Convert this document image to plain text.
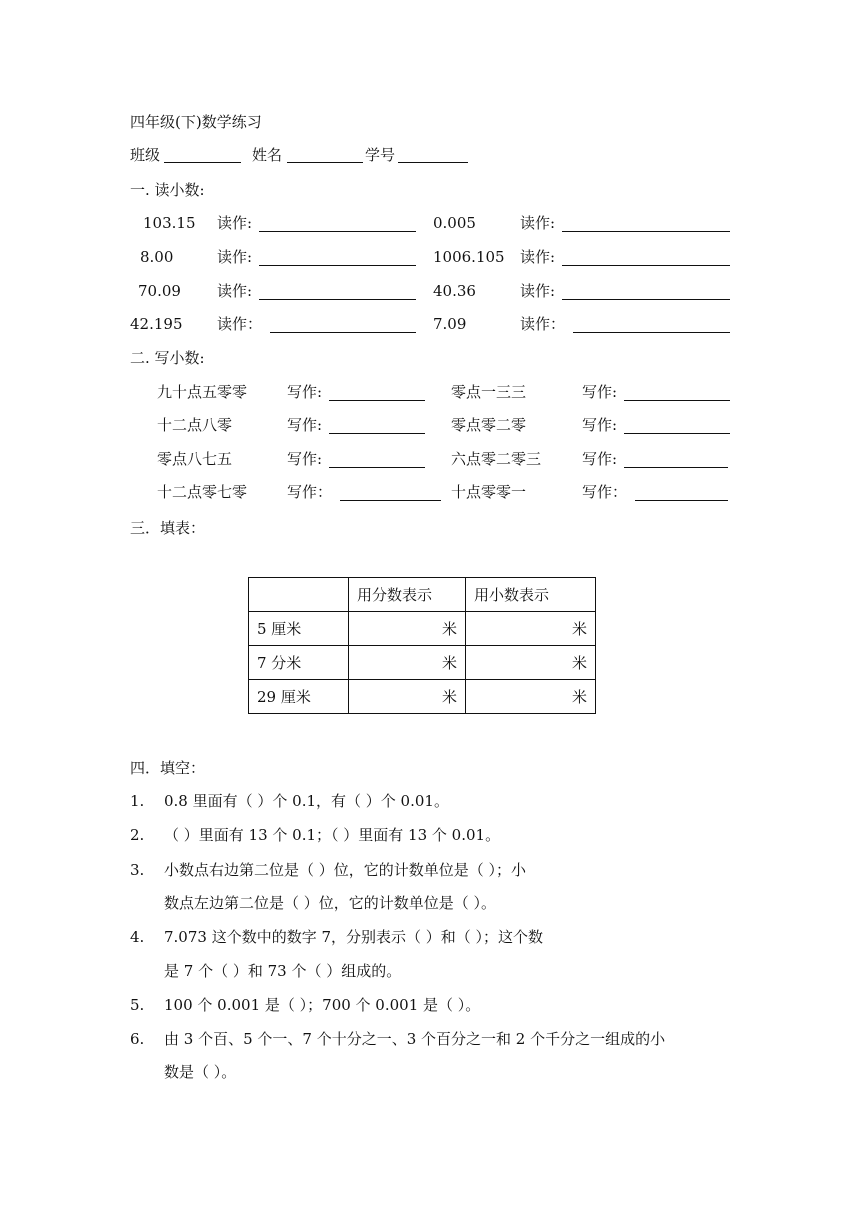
四年级(下)数学练习
班级	姓名	学号
一. 读小数:
103.15 读作:	0.005	读作:
8.00	读作:	1006.105 读作:
70.09 读作:	40.36	读作:
42.195 读作：	7.09	读作：
二. 写小数:
九十点五零零	写作:	零点一三三	写作:
十二点八零	写作:	零点零二零	写作:
零点八七五	写作:	六点零二零三	写作:
十二点零七零	写作：	十点零零一	写作：
三．填表：
	用分数表示	用小数表示
5 厘米	米	米
7 分米	米	米
29 厘米	米	米
四．填空：
1. 0.8 里面有（ ）个 0.1，有（ ）个 0.01。
2. （ ）里面有 13 个 0.1；（ ）里面有 13 个 0.01。
3. 小数点右边第二位是（ ）位，它的计数单位是（ ）；小
数点左边第二位是（ ）位，它的计数单位是（ ）。
4. 7.073 这个数中的数字 7，分别表示（ ）和（ ）；这个数
是 7 个（ ）和 73 个（ ）组成的。
5. 100 个 0.001 是（ ）；700 个 0.001 是（ ）。
6. 由 3 个百、5 个一、7 个十分之一、3 个百分之一和 2 个千分之一组成的小
数是（ ）。
